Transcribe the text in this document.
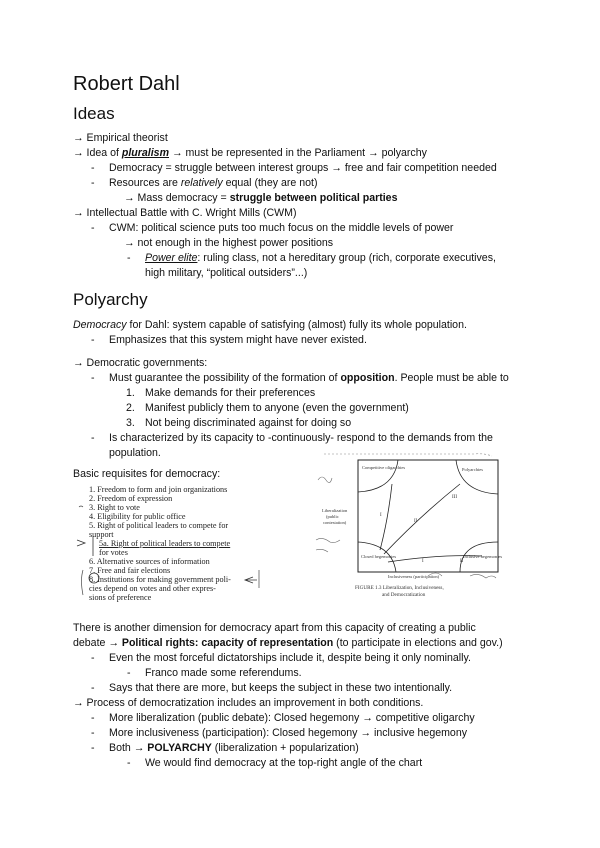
Robert Dahl
Ideas
→ Empirical theorist
→ Idea of pluralism → must be represented in the Parliament → polyarchy
- Democracy = struggle between interest groups → free and fair competition needed
- Resources are relatively equal (they are not)
→ Mass democracy = struggle between political parties
→ Intellectual Battle with C. Wright Mills (CWM)
- CWM: political science puts too much focus on the middle levels of power
→ not enough in the highest power positions
- Power elite: ruling class, not a hereditary group (rich, corporate executives,
high military, “political outsiders”...)
Polyarchy
Democracy for Dahl: system capable of satisfying (almost) fully its whole population.
- Emphasizes that this system might have never existed.
→ Democratic governments:
- Must guarantee the possibility of the formation of opposition. People must be able to
1. Make demands for their preferences
2. Manifest publicly them to anyone (even the government)
3. Not being discriminated against for doing so
- Is characterized by its capacity to -continuously- respond to the demands from the
population.
Basic requisites for democracy:
1. Freedom to form and join organizations
2. Freedom of expression
3. Right to vote
4. Eligibility for public office
5. Right of political leaders to compete for
support
5a. Right of political leaders to compete
for votes
6. Alternative sources of information
7. Free and fair elections
8. Institutions for making government poli-
cies depend on votes and other expres-
sions of preference
Competitive oligarchies	Polyarchies
Closed hegemonies	Inclusive hegemonies
Liberalization
(public
contestation)
Inclusiveness (participation)
I
III
II
I	II
FIGURE 1.3 Liberalization, Inclusiveness,
and Democratization
There is another dimension for democracy apart from this capacity of creating a public
debate → Political rights: capacity of representation (to participate in elections and gov.)
- Even the most forceful dictatorships include it, despite being it only nominally.
- Franco made some referendums.
- Says that there are more, but keeps the subject in these two intentionally.
→ Process of democratization includes an improvement in both conditions.
- More liberalization (public debate): Closed hegemony → competitive oligarchy
- More inclusiveness (participation): Closed hegemony → inclusive hegemony
- Both → POLYARCHY (liberalization + popularization)
- We would find democracy at the top-right angle of the chart
